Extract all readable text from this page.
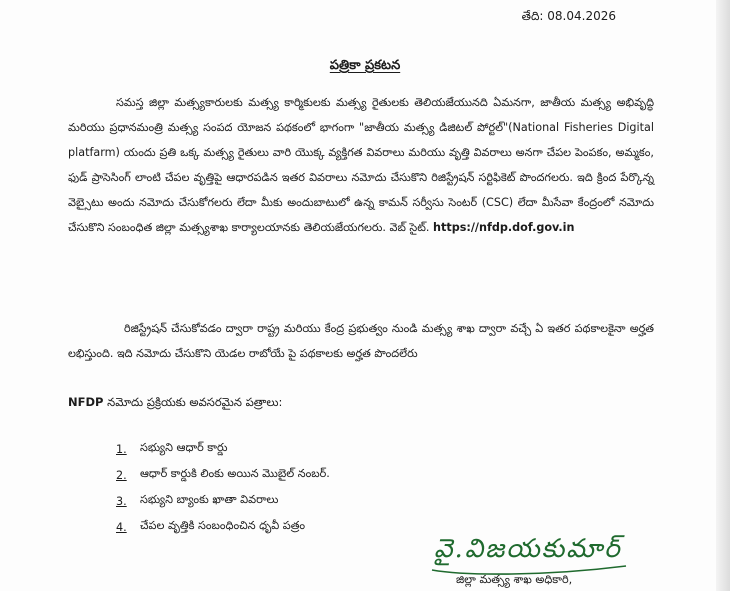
తేది: 08.04.2026
పత్రికా ప్రకటన

సమస్త జిల్లా మత్స్యకారులకు మత్స్య కార్మికులకు మత్స్య రైతులకు తెలియజేయునది ఏమనగా, జాతీయ మత్స్య అభివృద్ధి మరియు ప్రధానమంత్రి మత్స్య సంపద యోజన పథకంలో భాగంగా "జాతీయ మత్స్య డిజిటల్ పోర్టల్"(National Fisheries Digital platfarm) యందు ప్రతి ఒక్క మత్స్య రైతులు వారి యొక్క వ్యక్తిగత వివరాలు మరియు వృత్తి వివరాలు అనగా చేపల పెంపకం, అమ్మకం, ఫుడ్ ప్రాసెసింగ్ లాంటి చేపల వృత్తిపై ఆధారపడిన ఇతర వివరాలు నమోదు చేసుకొని రిజిస్ట్రేషన్ సర్టిఫికెట్ పొందగలరు. ఇది క్రింద పేర్కొన్న వెబ్సైటు అందు నమోదు చేసుకోగలరు లేదా మీకు అందుబాటులో ఉన్న కామన్ సర్వీసు సెంటర్ (CSC) లేదా మీసేవా కేంద్రంలో నమోదు చేసుకొని సంబంధిత జిల్లా మత్స్యశాఖ కార్యాలయానకు తెలియజేయగలరు. వెబ్ సైట్. https://nfdp.dof.gov.in

రిజిస్ట్రేషన్ చేసుకోవడం ద్వారా రాష్ట్ర మరియు కేంద్ర ప్రభుత్వం నుండి మత్స్య శాఖ ద్వారా వచ్చే ఏ ఇతర పథకాలకైనా అర్హత లభిస్తుంది. ఇది నమోదు చేసుకొని యెడల రాబోయే పై పథకాలకు అర్హత పొందలేరు

NFDP నమోదు ప్రక్రియకు అవసరమైన పత్రాలు:
1.	సభ్యుని ఆధార్ కార్డు
2.	ఆధార్ కార్డుకి లింకు అయిన మొబైల్ నంబర్.
3.	సభ్యుని బ్యాంకు ఖాతా వివరాలు
4.	చేపల వృత్తికి సంబంధించిన ధృవీ పత్రం
వై.విజయకుమార్
జిల్లా మత్స్య శాఖ అధికారి,
